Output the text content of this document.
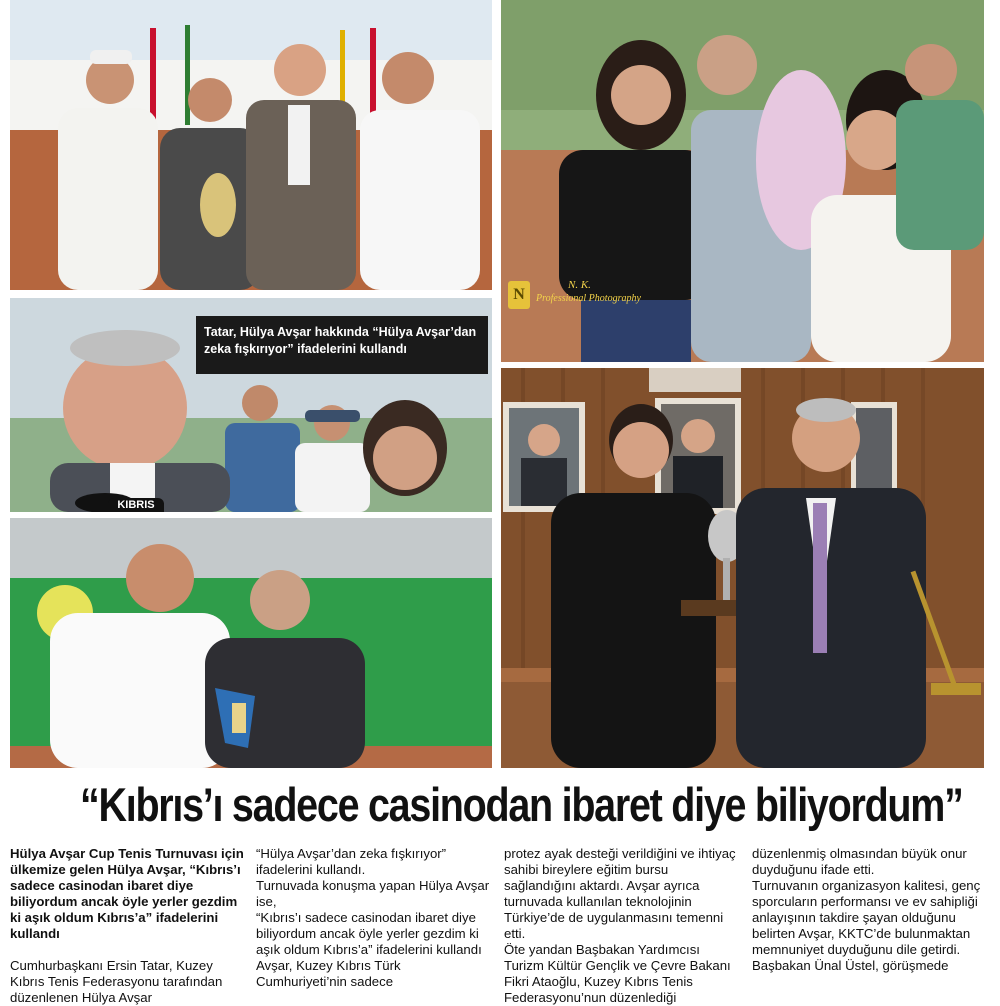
N
N. K.
Professional Photography
KIBRIS
Tatar, Hülya Avşar hakkında “Hülya Avşar’dan zeka fışkırıyor” ifadelerini kullandı
“Kıbrıs’ı sadece casinodan ibaret diye biliyordum”

Hülya Avşar Cup Tenis Turnuvası için ülkemize gelen Hülya Avşar, “Kıbrıs’ı sadece casinodan ibaret diye biliyordum ancak öyle yerler gezdim ki aşık oldum Kıbrıs’a” ifadelerini kullandı

Cumhurbaşkanı Ersin Tatar, Kuzey Kıbrıs Tenis Federasyonu tarafından düzenlenen Hülya Avşar

“Hülya Avşar’dan zeka fışkırıyor” ifadelerini kullandı.
Turnuvada konuşma yapan Hülya Avşar ise,
“Kıbrıs’ı sadece casinodan ibaret diye biliyordum ancak öyle yerler gezdim ki aşık oldum Kıbrıs’a” ifadelerini kullandı
Avşar, Kuzey Kıbrıs Türk Cumhuriyeti’nin sadece

protez ayak desteği verildiğini ve ihtiyaç sahibi bireylere eğitim bursu sağlandığını aktardı. Avşar ayrıca turnuvada kullanılan teknolojinin Türkiye’de de uygulanmasını temenni etti.
Öte yandan Başbakan Yardımcısı Turizm Kültür Gençlik ve Çevre Bakanı Fikri Ataoğlu, Kuzey Kıbrıs Tenis Federasyonu’nun düzenlediği

düzenlenmiş olmasından büyük onur duyduğunu ifade etti.
Turnuvanın organizasyon kalitesi, genç sporcuların performansı ve ev sahipliği anlayışının takdire şayan olduğunu belirten Avşar, KKTC’de bulunmaktan memnuniyet duyduğunu dile getirdi.
Başbakan Ünal Üstel, görüşmede
